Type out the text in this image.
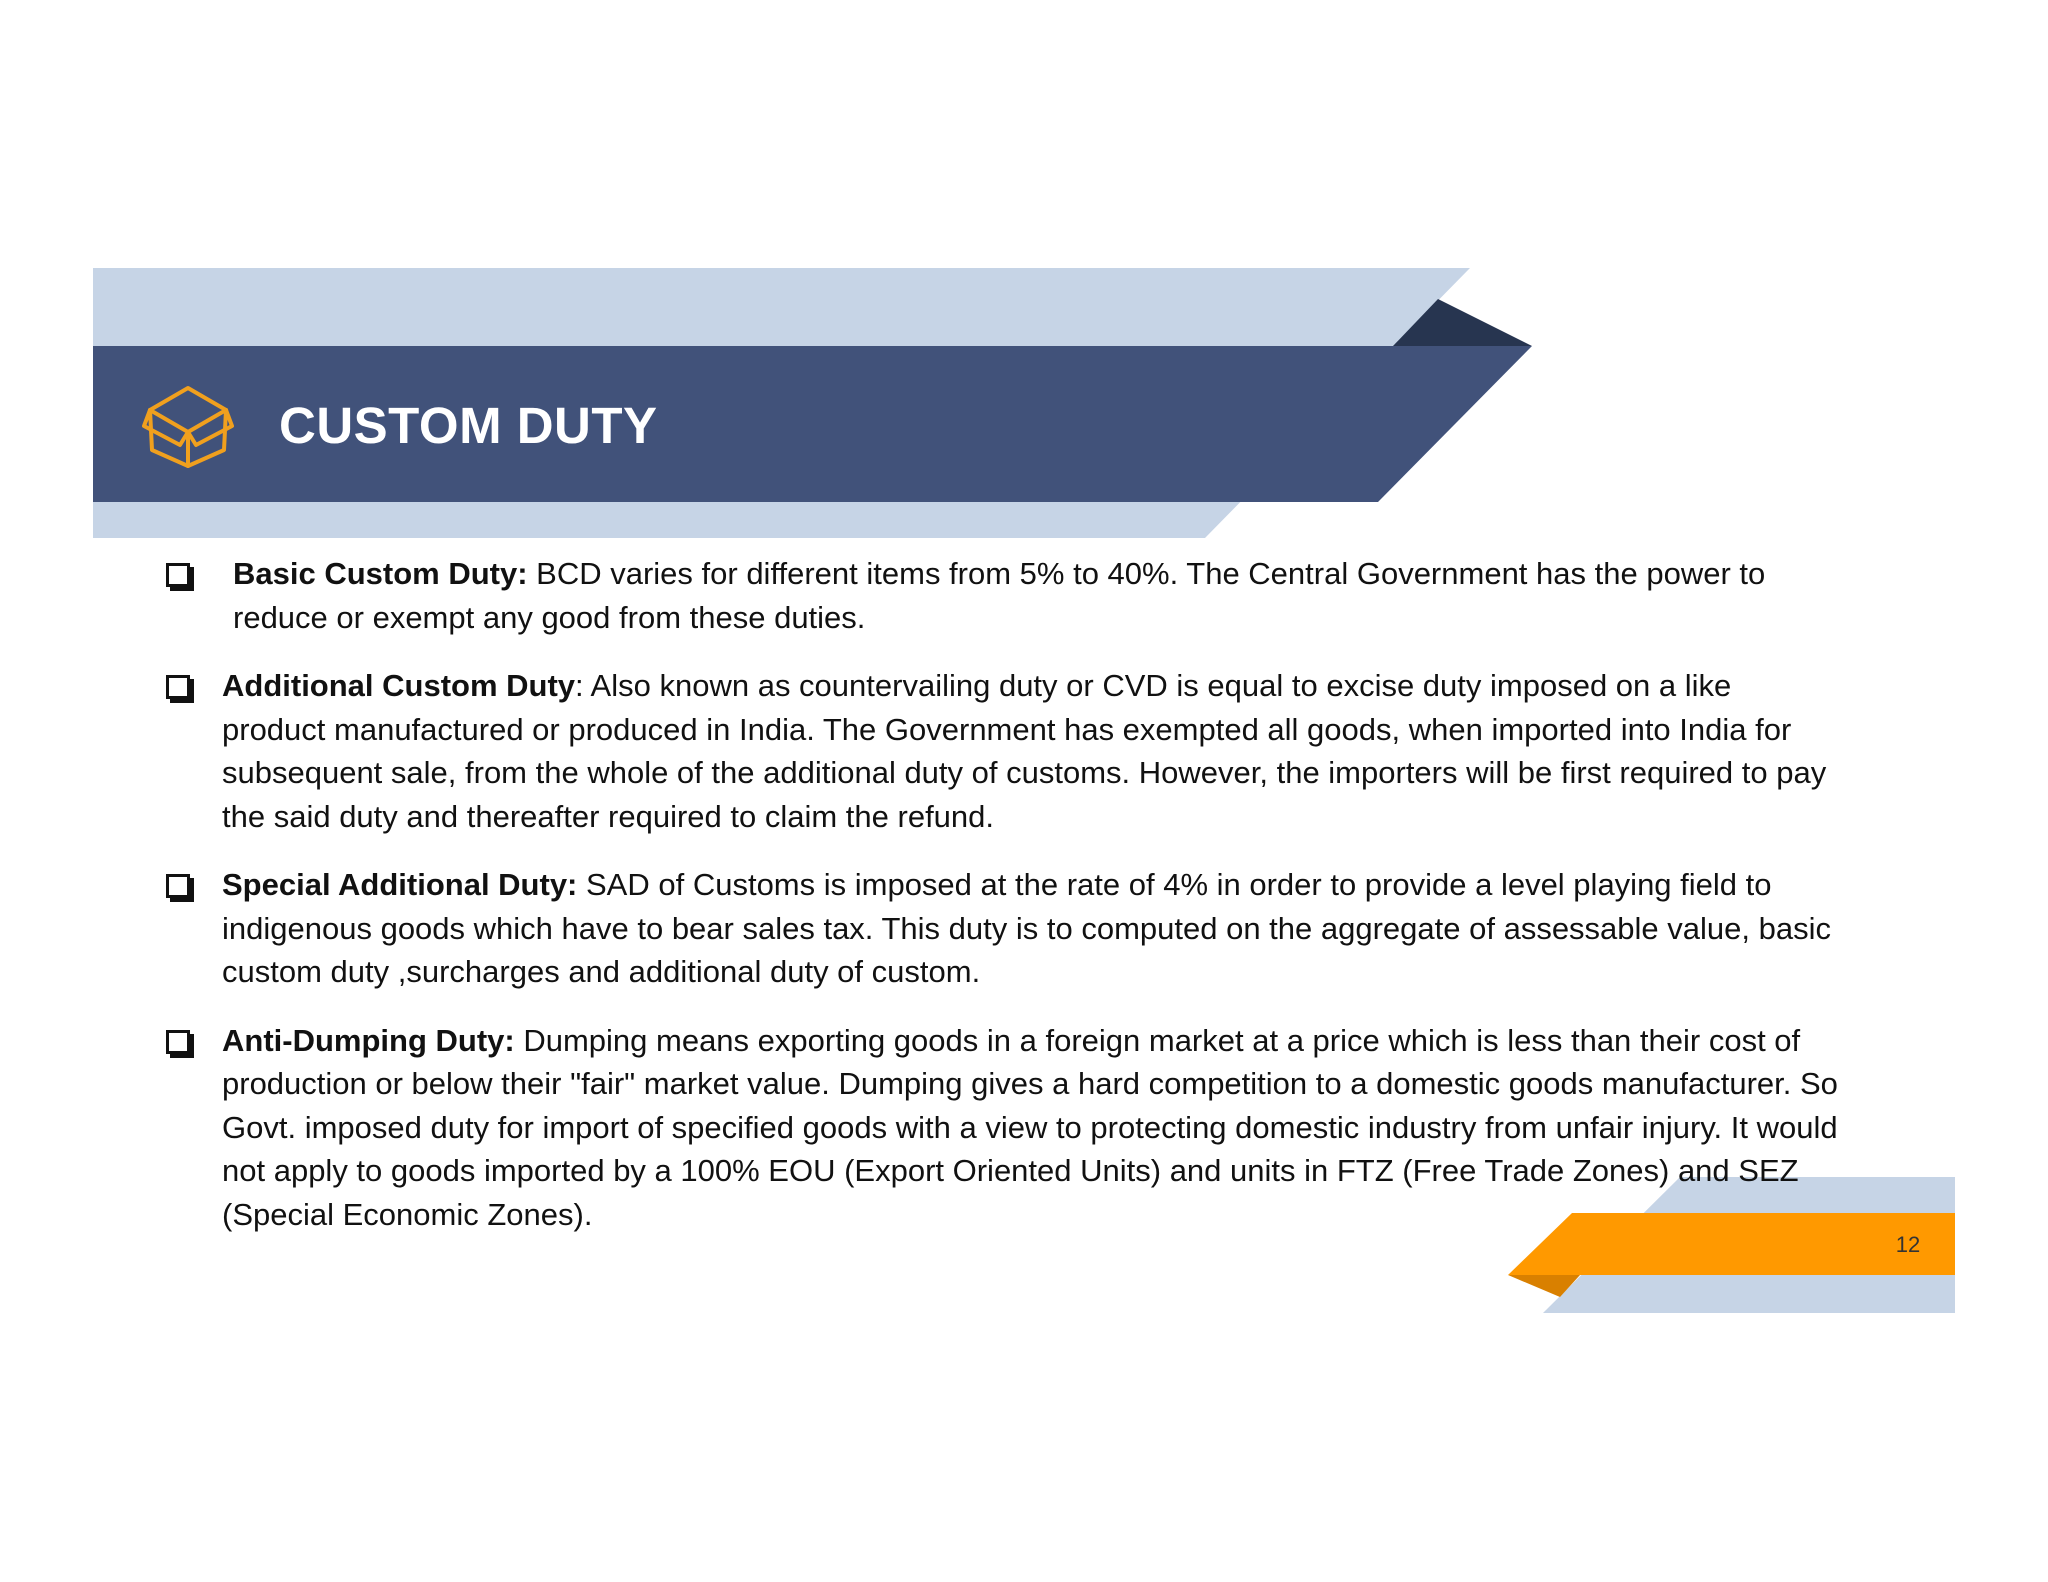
CUSTOM DUTY
Basic Custom Duty: BCD varies for different items from 5% to 40%. The Central Government has the power to reduce or exempt any good from these duties.
Additional Custom Duty: Also known as countervailing duty or CVD is equal to excise duty imposed on a like product manufactured or produced in India. The Government has exempted all goods, when imported into India for subsequent sale, from the whole of the additional duty of customs. However, the importers will be first required to pay the said duty and thereafter required to claim the refund.
Special Additional Duty: SAD of Customs is imposed at the rate of 4% in order to provide a level playing field to indigenous goods which have to bear sales tax. This duty is to computed on the aggregate of assessable value, basic custom duty ,surcharges and additional duty of custom.
Anti-Dumping Duty: Dumping means exporting goods in a foreign market at a price which is less than their cost of production or below their "fair" market value. Dumping gives a hard competition to a domestic goods manufacturer. So Govt. imposed duty for import of specified goods with a view to protecting domestic industry from unfair injury. It would not apply to goods imported by a 100% EOU (Export Oriented Units) and units in FTZ (Free Trade Zones) and SEZ (Special Economic Zones).
12
